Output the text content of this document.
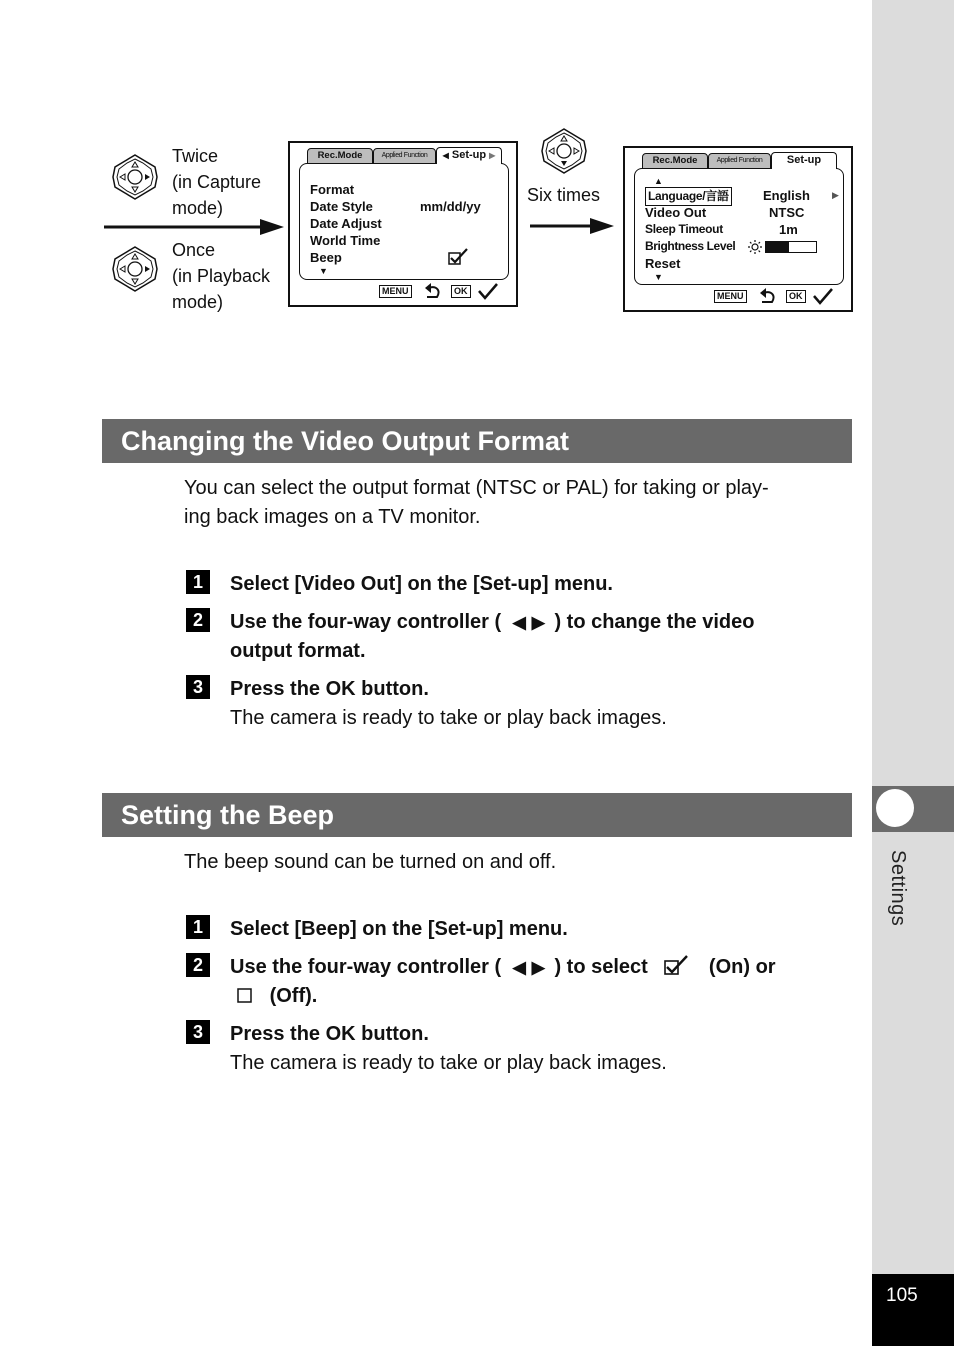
Settings
105
Twice
(in Capture
mode)
Once
(in Playback
mode)
Rec.Mode	Applied Function	◀ Set-up ▶
Format
Date Style	mm/dd/yy
Date Adjust
World Time
Beep
▼
MENU	OK
Six times
Rec.Mode	Applied Function	Set-up
▲
Language/言語	English ▶
Video Out	NTSC
Sleep Timeout	1m
Brightness Level
Reset
▼
MENU	OK
Changing the Video Output Format
You can select the output format (NTSC or PAL) for taking or play-
ing back images on a TV monitor.
1	Select [Video Out] on the [Set-up] menu.
2	Use the four-way controller ( ◀ ▶ ) to change the video
output format.
3	Press the OK button.
The camera is ready to take or play back images.
Setting the Beep
The beep sound can be turned on and off.
1	Select [Beep] on the [Set-up] menu.
2	Use the four-way controller ( ◀ ▶ ) to select	(On) or
(Off).
3	Press the OK button.
The camera is ready to take or play back images.
